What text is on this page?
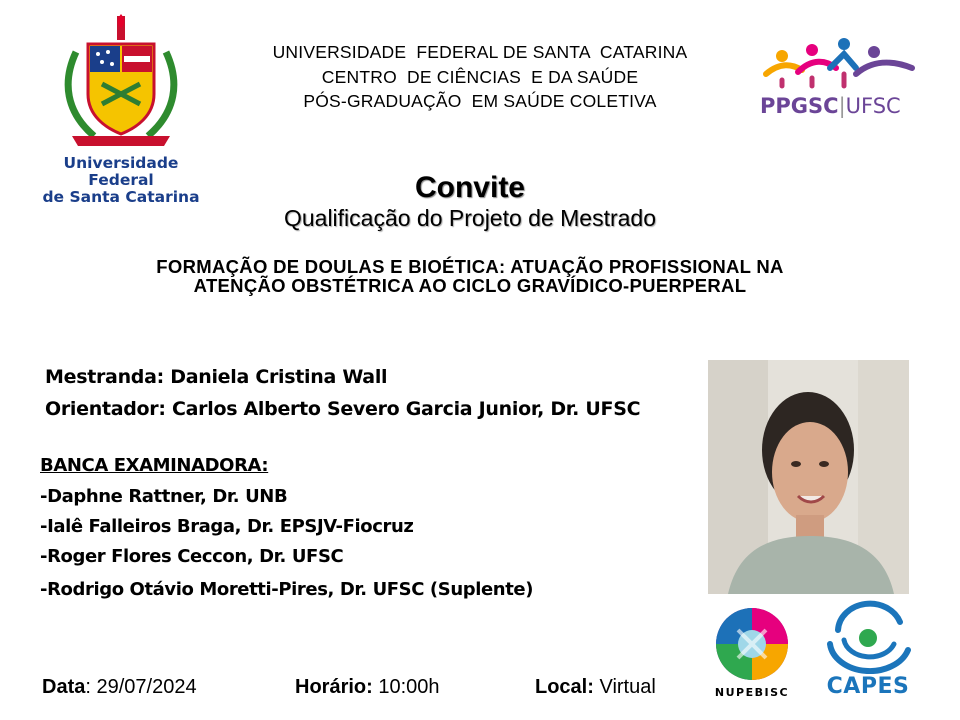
Universidade Federal
de Santa Catarina
UNIVERSIDADE  FEDERAL DE SANTA  CATARINA
CENTRO  DE CIÊNCIAS  E DA SAÚDE
PÓS-GRADUAÇÃO  EM SAÚDE COLETIVA	PPGSC|UFSC
Convite
Qualificação do Projeto de Mestrado
FORMAÇÃO DE DOULAS E BIOÉTICA: ATUAÇÃO PROFISSIONAL NA
ATENÇÃO OBSTÉTRICA AO CICLO GRAVÍDICO-PUERPERAL
Mestranda: Daniela Cristina Wall
Orientador: Carlos Alberto Severo Garcia Junior, Dr. UFSC
BANCA EXAMINADORA:
-Daphne Rattner, Dr. UNB
-Ialê Falleiros Braga, Dr. EPSJV-Fiocruz
-Roger Flores Ceccon, Dr. UFSC
-Rodrigo Otávio Moretti-Pires, Dr. UFSC (Suplente)
NUPEBISC	CAPES
Data: 29/07/2024	Horário: 10:00h	Local: Virtual
